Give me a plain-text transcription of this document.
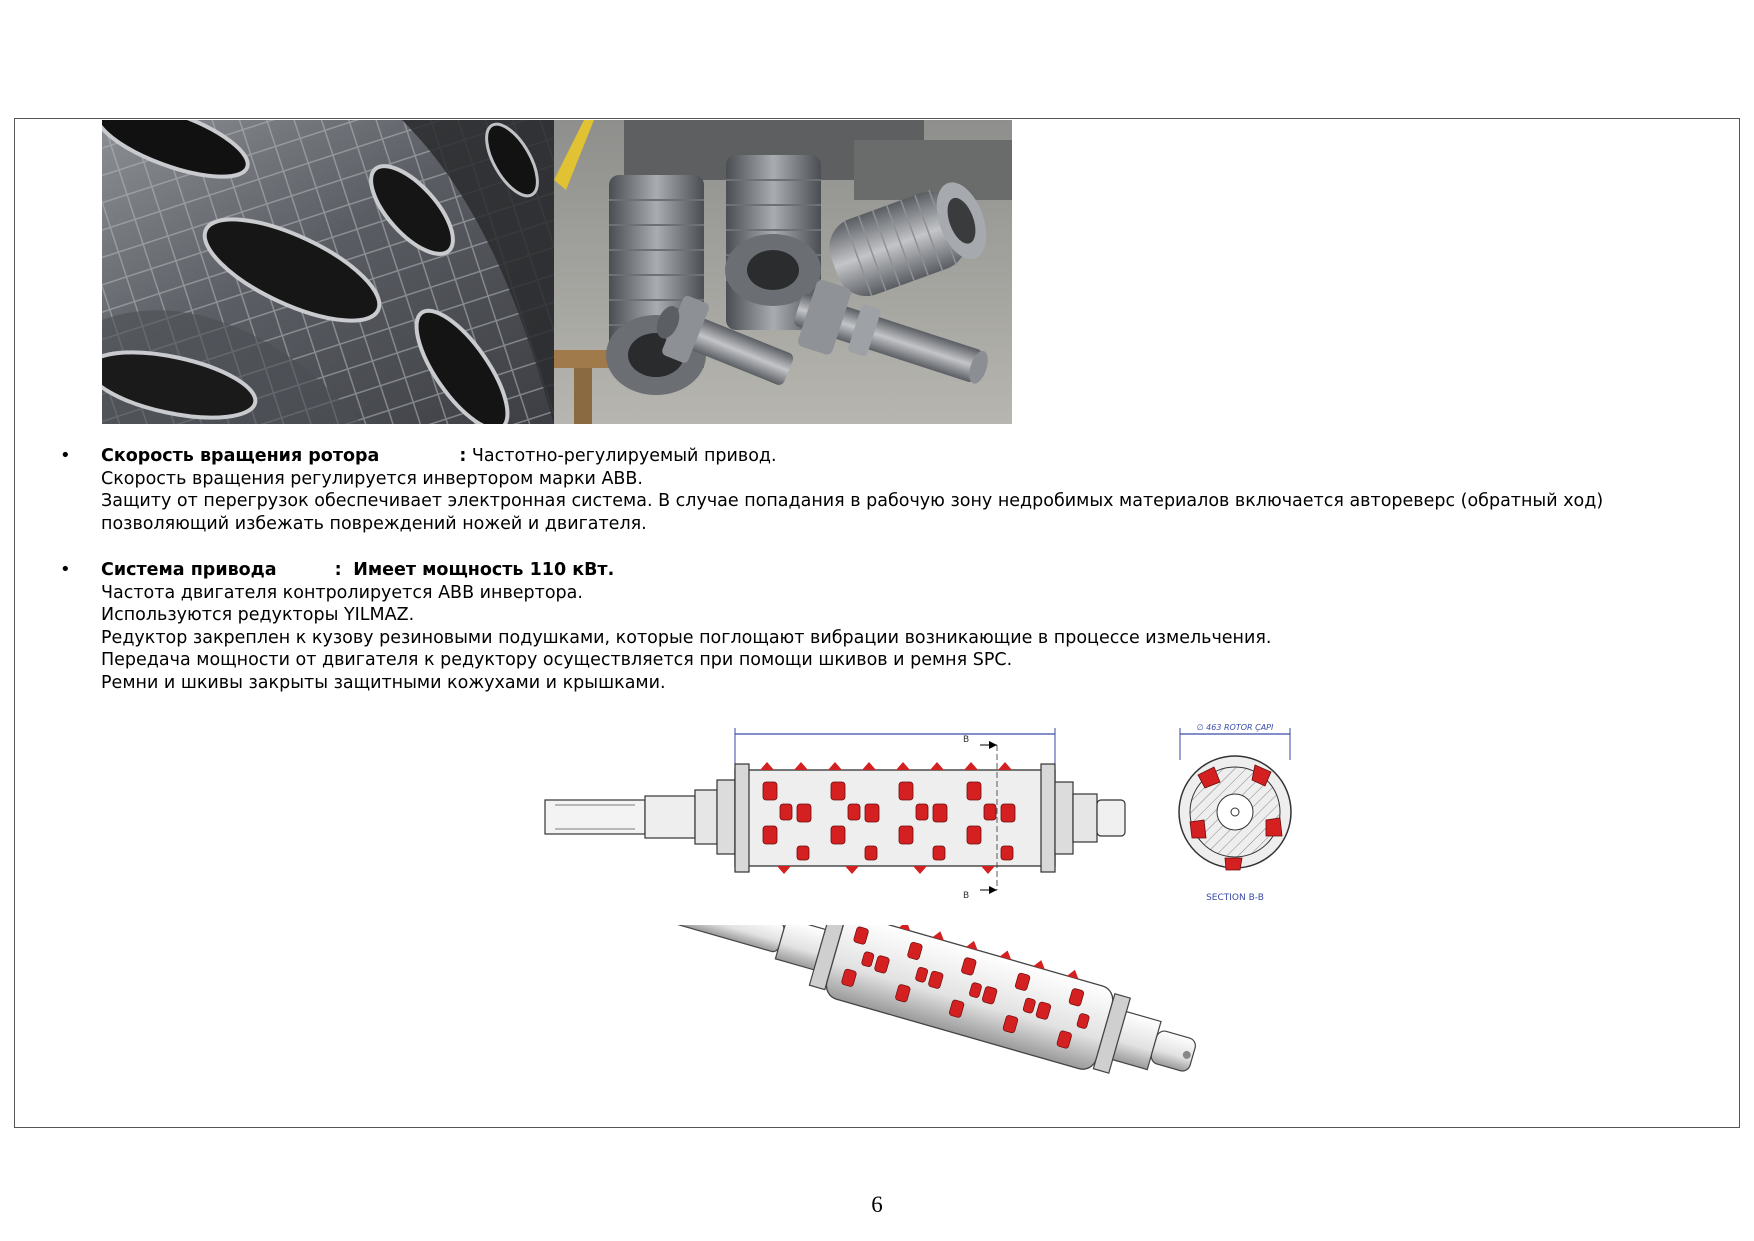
• Скорость вращения ротора	: Частотно-регулируемый привод.
Скорость вращения регулируется инвертором марки ABB.
Защиту от перегрузок обеспечивает электронная система. В случае попадания в рабочую зону недробимых материалов включается автореверс (обратный ход) позволяющий избежать повреждений ножей и двигателя.
• Система привода	: Имеет мощность 110 кВт.
Частота двигателя контролируется ABB инвертора.
Используются редукторы YILMAZ.
Редуктор закреплен к кузову резиновыми подушками, которые поглощают вибрации возникающие в процессе измельчения.
Передача мощности от двигателя к редуктору осуществляется при помощи шкивов и ремня SPC.
Ремни и шкивы закрыты защитными кожухами и крышками.
B
B
∅ 463 ROTOR ÇAPI
SECTION B-B
6
